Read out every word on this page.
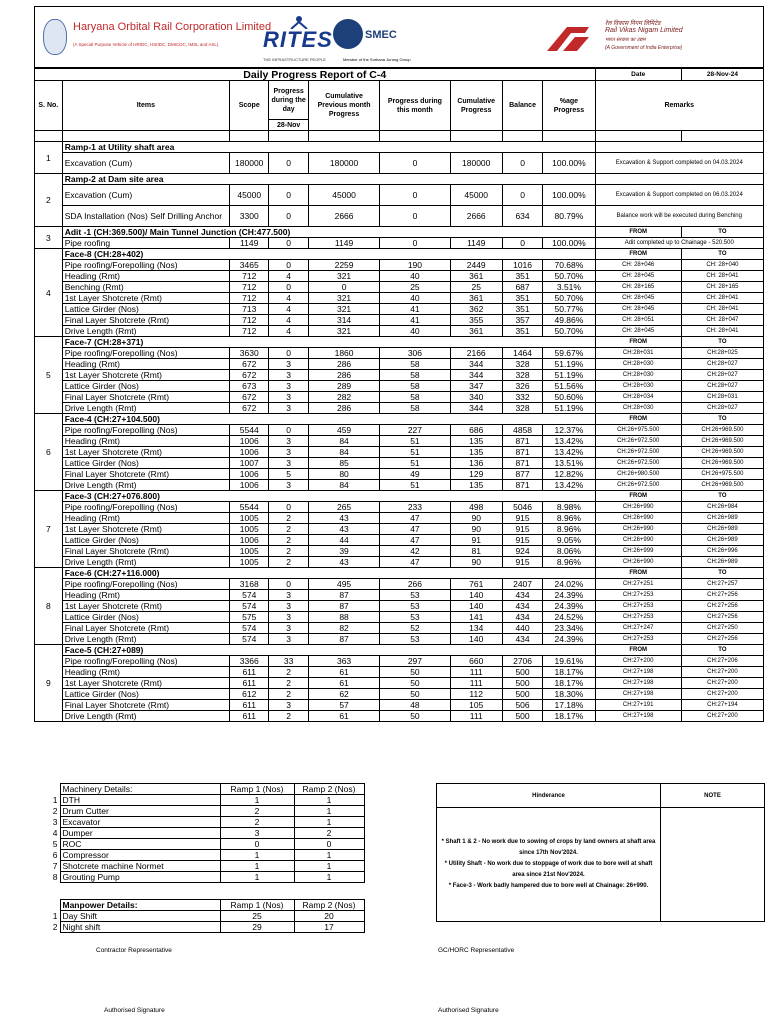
Haryana Orbital Rail Corporation Limited
(A Special Purpose Vehicle of HRIDC, HSIIDC, DMICDC, IMSL and ASL) RITES
THE INFRASTRUCTURE PEOPLE
SMEC
Member of the Surbana Jurong Group
रेल विकास निगम लिमिटेड
Rail Vikas Nigam Limited
भारत सरकार का उद्यम
(A Government of India Enterprise)
Daily Progress Report of C-4									Date	28-Nov-24
S. No.	Items	Scope	Progress during the day	Cumulative Previous month Progress	Progress during this month	Cumulative Progress	Balance	%age Progress	Remarks	
			28-Nov							

1	Ramp-1 at Utility shaft area									
	Excavation (Cum)	180000	0	180000	0	180000	0	100.00%	Excavation & Support completed on 04.03.2024	
2	Ramp-2 at Dam site area									
	Excavation (Cum)	45000	0	45000	0	45000	0	100.00%	Excavation & Support completed on 06.03.2024	
	SDA Installation (Nos) Self Drilling Anchor	3300	0	2666	0	2666	634	80.79%	Balance work will be executed during Benching	
3	Adit -1 (CH:369.500)/ Main Tunnel Junction (CH:477.500)								FROM	TO
	Pipe roofing	1149	0	1149	0	1149	0	100.00%	Adit completed up to Chainage - 520.500	
4	Face-8 (CH:28+402)								FROM	TO
	Pipe roofing/Forepolling (Nos)	3465	0	2259	190	2449	1016	70.68%	CH: 28+046	CH: 28+040
	Heading (Rmt)	712	4	321	40	361	351	50.70%	CH: 28+045	CH: 28+041
	Benching (Rmt)	712	0	0	25	25	687	3.51%	CH: 28+165	CH: 28+165
	1st Layer Shotcrete (Rmt)	712	4	321	40	361	351	50.70%	CH: 28+045	CH: 28+041
	Lattice Girder (Nos)	713	4	321	41	362	351	50.77%	CH: 28+045	CH: 28+041
	Final Layer Shotcrete (Rmt)	712	4	314	41	355	357	49.86%	CH: 28+051	CH: 28+047
	Drive Length (Rmt)	712	4	321	40	361	351	50.70%	CH: 28+045	CH: 28+041
5	Face-7 (CH:28+371)								FROM	TO
	Pipe roofing/Forepolling (Nos)	3630	0	1860	306	2166	1464	59.67%	CH:28+031	CH:28+025
	Heading (Rmt)	672	3	286	58	344	328	51.19%	CH:28+030	CH:28+027
	1st Layer Shotcrete (Rmt)	672	3	286	58	344	328	51.19%	CH:28+030	CH:28+027
	Lattice Girder (Nos)	673	3	289	58	347	326	51.56%	CH:28+030	CH:28+027
	Final Layer Shotcrete (Rmt)	672	3	282	58	340	332	50.60%	CH:28+034	CH:28+031
	Drive Length (Rmt)	672	3	286	58	344	328	51.19%	CH:28+030	CH:28+027
6	Face-4 (CH:27+104.500)								FROM	TO
	Pipe roofing/Forepolling (Nos)	5544	0	459	227	686	4858	12.37%	CH:26+975.500	CH:26+969.500
	Heading (Rmt)	1006	3	84	51	135	871	13.42%	CH:26+972.500	CH:26+969.500
	1st Layer Shotcrete (Rmt)	1006	3	84	51	135	871	13.42%	CH:26+972.500	CH:26+969.500
	Lattice Girder (Nos)	1007	3	85	51	136	871	13.51%	CH:26+972.500	CH:26+969.500
	Final Layer Shotcrete (Rmt)	1006	5	80	49	129	877	12.82%	CH:26+980.500	CH:26+975.500
	Drive Length (Rmt)	1006	3	84	51	135	871	13.42%	CH:26+972.500	CH:26+969.500
7	Face-3 (CH:27+076.800)								FROM	TO
	Pipe roofing/Forepolling (Nos)	5544	0	265	233	498	5046	8.98%	CH:26+990	CH:26+984
	Heading (Rmt)	1005	2	43	47	90	915	8.96%	CH:26+990	CH:26+989
	1st Layer Shotcrete (Rmt)	1005	2	43	47	90	915	8.96%	CH:26+990	CH:26+989
	Lattice Girder (Nos)	1006	2	44	47	91	915	9.05%	CH:26+990	CH:26+989
	Final Layer Shotcrete (Rmt)	1005	2	39	42	81	924	8.06%	CH:26+999	CH:26+996
	Drive Length (Rmt)	1005	2	43	47	90	915	8.96%	CH:26+990	CH:26+989
8	Face-6 (CH:27+116.000)								FROM	TO
	Pipe roofing/Forepolling (Nos)	3168	0	495	266	761	2407	24.02%	CH:27+251	CH:27+257
	Heading (Rmt)	574	3	87	53	140	434	24.39%	CH:27+253	CH:27+256
	1st Layer Shotcrete (Rmt)	574	3	87	53	140	434	24.39%	CH:27+253	CH:27+256
	Lattice Girder (Nos)	575	3	88	53	141	434	24.52%	CH:27+253	CH:27+256
	Final Layer Shotcrete (Rmt)	574	3	82	52	134	440	23.34%	CH:27+247	CH:27+250
	Drive Length (Rmt)	574	3	87	53	140	434	24.39%	CH:27+253	CH:27+256
9	Face-5 (CH:27+089)								FROM	TO
	Pipe roofing/Forepolling (Nos)	3366	33	363	297	660	2706	19.61%	CH:27+200	CH:27+206
	Heading (Rmt)	611	2	61	50	111	500	18.17%	CH:27+198	CH:27+200
	1st Layer Shotcrete (Rmt)	611	2	61	50	111	500	18.17%	CH:27+198	CH:27+200
	Lattice Girder (Nos)	612	2	62	50	112	500	18.30%	CH:27+198	CH:27+200
	Final Layer Shotcrete (Rmt)	611	3	57	48	105	506	17.18%	CH:27+191	CH:27+194
	Drive Length (Rmt)	611	2	61	50	111	500	18.17%	CH:27+198	CH:27+200
	Machinery Details:	Ramp 1 (Nos)	Ramp 2 (Nos)
1	DTH	1	1
2	Drum Cutter	2	1
3	Excavator	2	1
4	Dumper	3	2
5	ROC	0	0
6	Compressor	1	1
7	Shotcrete machine Normet	1	1
8	Grouting Pump	1	1
	Manpower Details:	Ramp 1 (Nos)	Ramp 2 (Nos)
1	Day Shift	25	20
2	Night shift	29	17
Hinderance	NOTE

* Shaft 1 & 2 - No work due to sowing of crops by land owners at shaft area since 17th Nov'2024.
* Utility Shaft - No work due to stoppage of work due to bore well at shaft area since 21st Nov'2024.
* Face-3 - Work badly hampered due to bore well at Chainage: 26+990.	

Contractor Representative	GC/HORC Representative
Authorised Signature	Authorised Signature
